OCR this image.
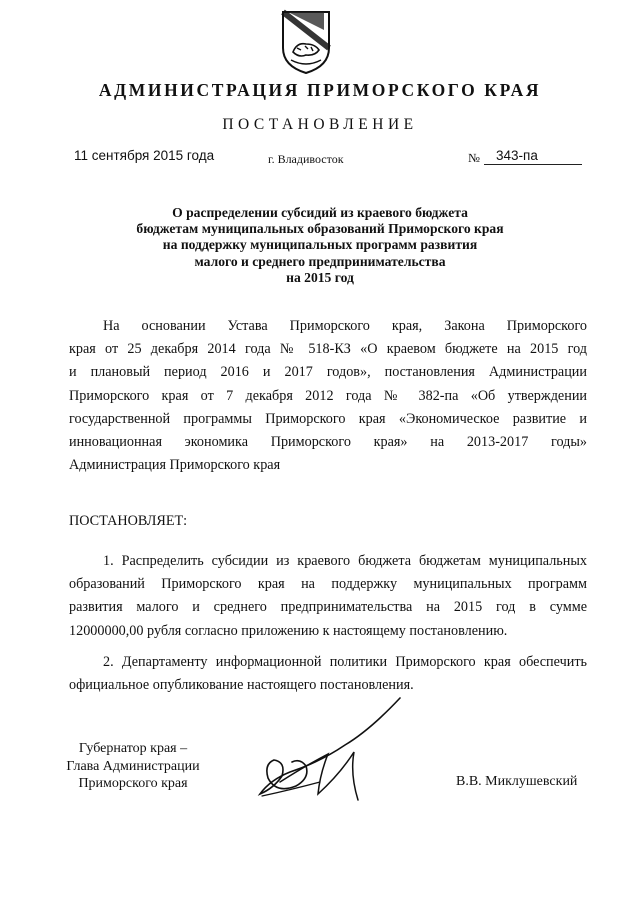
АДМИНИСТРАЦИЯ ПРИМОРСКОГО КРАЯ
ПОСТАНОВЛЕНИЕ
11 сентября 2015 года	г. Владивосток	№	343-па
О распределении субсидий из краевого бюджета
бюджетам муниципальных образований Приморского края
на поддержку муниципальных программ развития
малого и среднего предпринимательства
на 2015 год
На основании Устава Приморского края, Закона Приморского
края от 25 декабря 2014 года № 518-КЗ «О краевом бюджете на 2015 год
и плановый период 2016 и 2017 годов», постановления Администрации
Приморского края от 7 декабря 2012 года № 382-па «Об утверждении
государственной программы Приморского края «Экономическое развитие и
инновационная экономика Приморского края» на 2013-2017 годы»
Администрация Приморского края
ПОСТАНОВЛЯЕТ:
1. Распределить субсидии из краевого бюджета бюджетам муниципальных
образований Приморского края на поддержку муниципальных программ
развития малого и среднего предпринимательства на 2015 год в сумме
12000000,00 рубля согласно приложению к настоящему постановлению.
2. Департаменту информационной политики Приморского края обеспечить
официальное опубликование настоящего постановления.
Губернатор края –
Глава Администрации
Приморского края	В.В. Миклушевский
